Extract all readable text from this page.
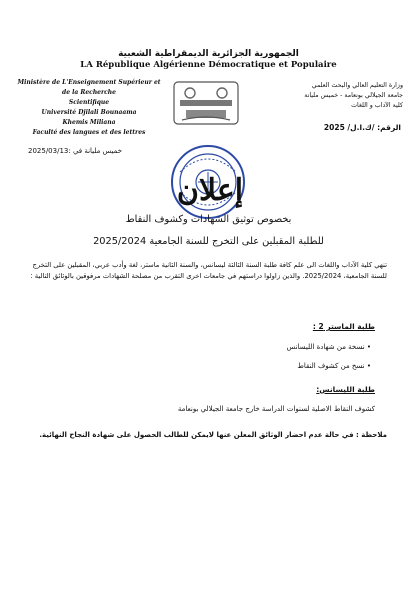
الجمهورية الجزائرية الديمقراطية الشعبية
LA République Algérienne Démocratique et Populaire
Ministère de L'Enseignement Supérieur et de la Recherche
Scientifique
Université Djilali Bounaama
Khemis Miliana
Faculté des langues et des lettres
وزارة التعليم العالي والبحث العلمي
جامعة الجيلالي بونعامة - خميس مليانة
كلية الآداب و اللغات
الرقم: /ك.ا.ل/ 2025
خميس مليانة في :2025/03/13
إعلان
بخصوص توثيق الشهادات وكشوف النقاط
للطلبة المقبلين على التخرج للسنة الجامعية 2025/2024
تنهي كلية الآداب واللغات الى علم كافة طلبة السنة الثالثة ليسانس، والسنة الثانية ماستر، لغة وأدب عربي، المقبلين على التخرج للسنة الجامعية، 2025/2024. والذين زاولوا دراستهم في جامعات اخرى التقرب من مصلحة الشهادات مرفوقين بالوثائق التالية :
طلبة الماستر 2 :
• نسخة من شهادة الليسانس
• نسخ من كشوف النقاط
طلبة الليسانس:
كشوف النقاط الاصلية لسنوات الدراسة خارج جامعة الجيلالي بونعامة
ملاحظة : في حالة عدم احضار الوثائق المعلن عنها لايمكن للطالب الحصول على شهادة النجاح النهائية.
